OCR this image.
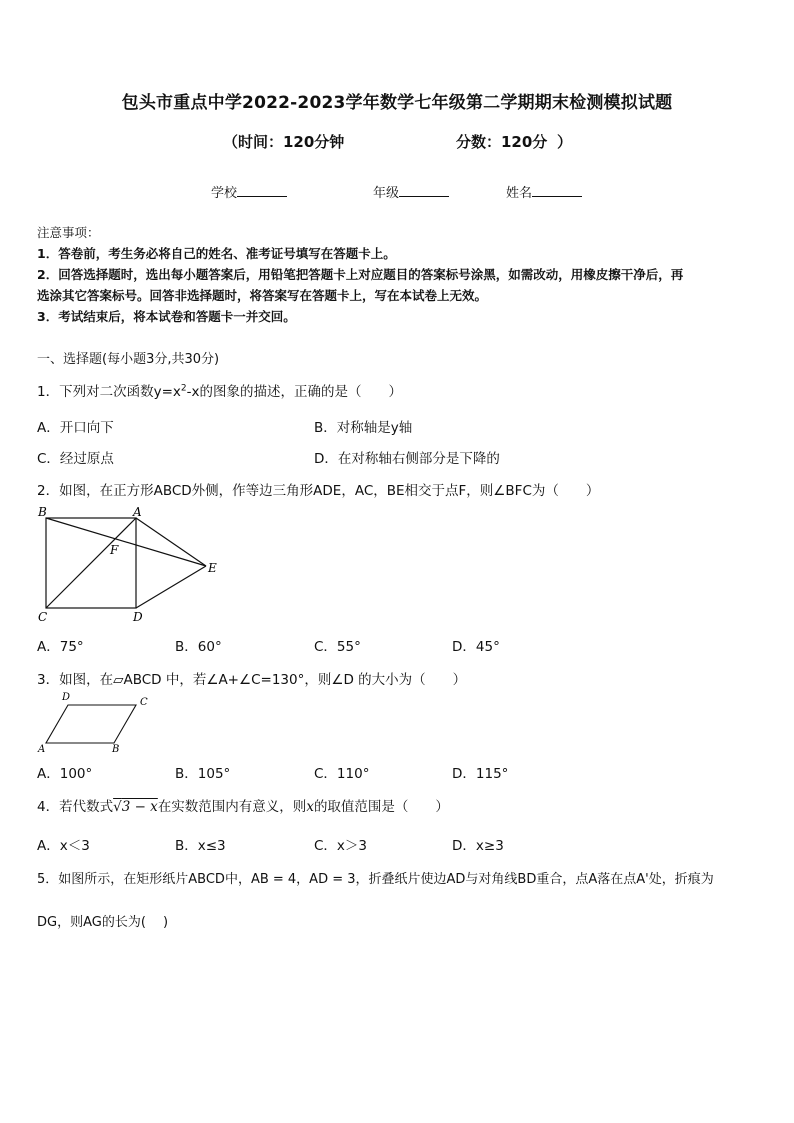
包头市重点中学2022-2023学年数学七年级第二学期期末检测模拟试题
（ 时间：120分钟	分数：120分 ）
学校	年级	姓名
注意事项：
1．答卷前，考生务必将自己的姓名、准考证号填写在答题卡上。
2．回答选择题时，选出每小题答案后，用铅笔把答题卡上对应题目的答案标号涂黑，如需改动，用橡皮擦干净后，再
选涂其它答案标号。回答非选择题时，将答案写在答题卡上，写在本试卷上无效。
3．考试结束后，将本试卷和答题卡一并交回。
一、选择题(每小题3分,共30分)
1．下列对二次函数$y=x^2-x$的图象的描述，正确的是（　　）
A．开口向下	B．对称轴是y轴
C．经过原点	D．在对称轴右侧部分是下降的
2．如图，在正方形ABCD外侧，作等边三角形ADE，AC，BE相交于点F，则∠BFC为（　　）
B	A
F
E
C	D
A．75°	B．60°	C．55°	D．45°
3．如图，在▱ABCD 中，若∠A+∠C=130°，则∠D 的大小为（　　）
D	C
A	B
A．100°	B．105°	C．110°	D．115°
4．若代数式√3 − x在实数范围内有意义，则x的取值范围是（　　）
A．x＜3	B．x≤3	C．x＞3	D．x≥3
5．如图所示，在矩形纸片ABCD中，AB = 4，AD = 3，折叠纸片使边AD与对角线BD重合，点A落在点A'处，折痕为
DG，则AG的长为(　 )
